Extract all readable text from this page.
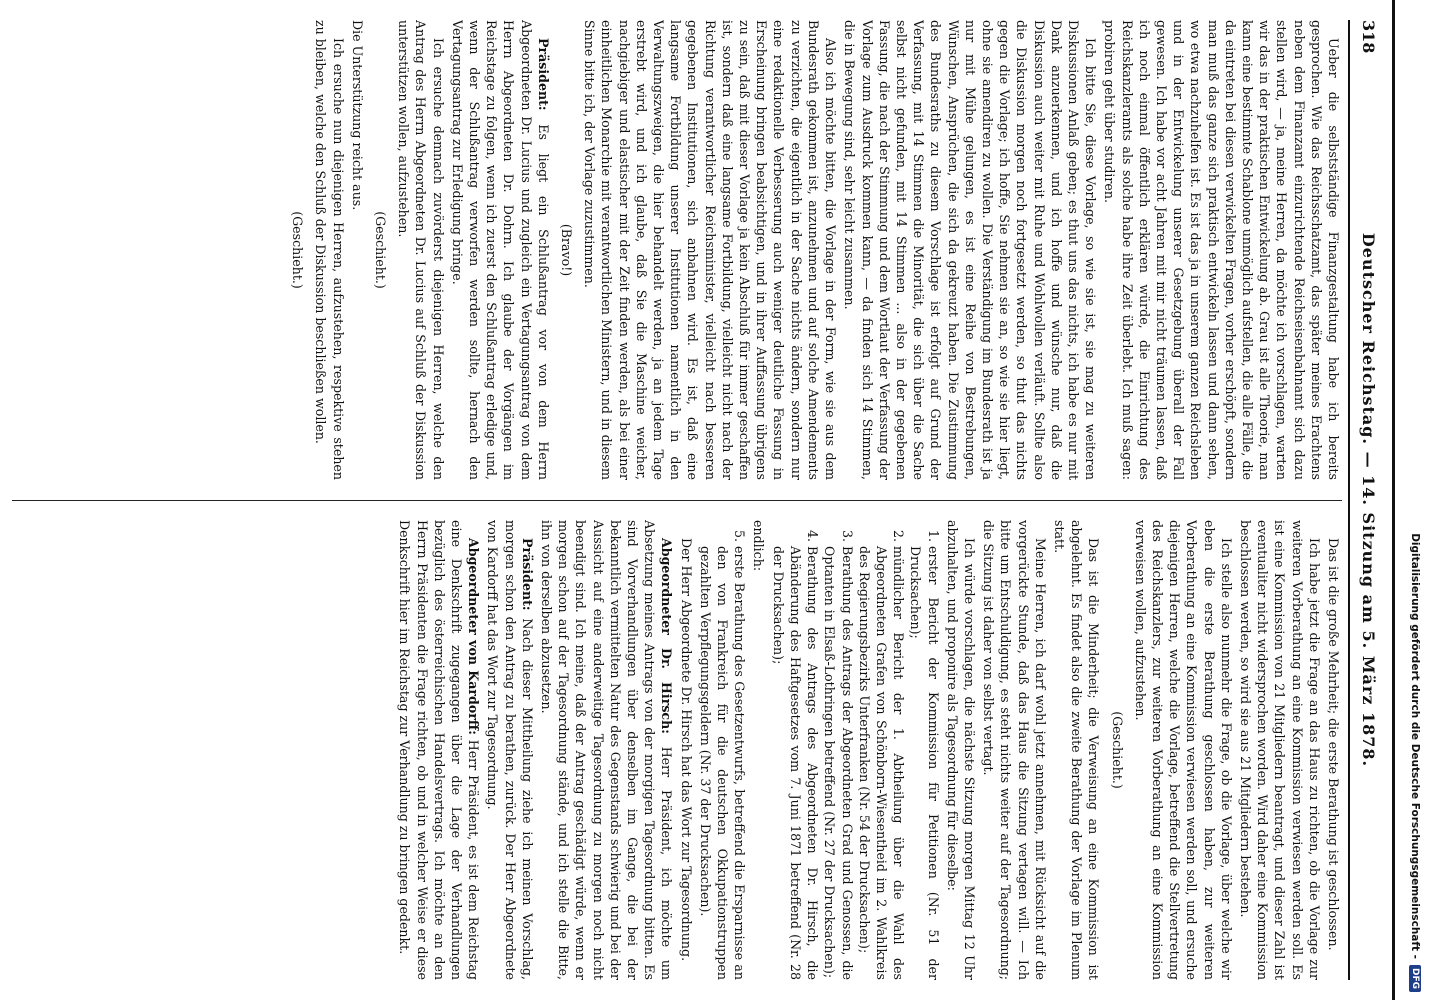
318
Deutscher Reichstag. — 14. Sitzung am 5. März 1878.

Ueber die selbstständige Finanzgestaltung habe ich bereits gesprochen. Wie das Reichsschatzamt, das später meines Erachtens neben dem Finanzamt einzurichtende Reichseisenbahnamt sich dazu stellen wird, — ja, meine Herren, da möchte ich vorschlagen, warten wir das in der praktischen Entwickelung ab. Grau ist alle Theorie, man kann eine bestimmte Schablone unmöglich aufstellen, die alle Fälle, die da eintreten bei diesen verwickelten Fragen, vorher erschöpft, sondern man muß das ganze sich praktisch entwickeln lassen und dann sehen, wo etwa nachzuhelfen ist. Es ist das ja in unserem ganzen Reichsleben und in der Entwickelung unserer Gesetzgebung überall der Fall gewesen. Ich habe vor acht Jahren mit mir nicht träumen lassen, daß ich noch einmal öffentlich erklären würde, die Einrichtung des Reichskanzleramts als solche habe ihre Zeit überlebt. Ich muß sagen: probiren geht über studiren.

Ich bitte Sie, diese Vorlage, so wie sie ist, sie mag zu weiteren Diskussionen Anlaß geben; es thut uns das nichts, ich habe es nur mit Dank anzuerkennen, und ich hoffe und wünsche nur, daß die Diskussion auch weiter mit Ruhe und Wohlwollen verläuft. Sollte also die Diskussion morgen noch fortgesetzt werden, so thut das nichts gegen die Vorlage; ich hoffe, Sie nehmen sie an, so wie sie hier liegt, ohne sie amendiren zu wollen. Die Verständigung im Bundesrath ist ja nur mit Mühe gelungen, es ist eine Reihe von Bestrebungen, Wünschen, Ansprüchen, die sich da gekreuzt haben. Die Zustimmung des Bundesraths zu diesem Vorschlage ist erfolgt auf Grund der Verfassung, mit 14 Stimmen die Minorität, die sich über die Sache selbst nicht gefunden, mit 14 Stimmen ... also in der gegebenen Fassung, die nach der Stimmung und dem Wortlaut der Verfassung der Vorlage zum Ausdruck kommen kann, — da finden sich 14 Stimmen, die in Bewegung sind, sehr leicht zusammen.

Also ich möchte bitten, die Vorlage in der Form, wie sie aus dem Bundesrath gekommen ist, anzunehmen und auf solche Amendements zu verzichten, die eigentlich in der Sache nichts ändern, sondern nur eine redaktionelle Verbesserung auch weniger deutliche Fassung in Erscheinung bringen beabsichtigen, und in ihrer Auffassung übrigens zu sein, daß mit dieser Vorlage ja kein Abschluß für immer geschaffen ist, sondern daß eine langsame Fortbildung, vielleicht nicht nach der Richtung verantwortlicher Reichsminister, vielleicht nach besseren gegebenen Institutionen, sich anbahnen wird. Es ist, daß eine langsame Fortbildung unserer Institutionen namentlich in den Verwaltungszweigen, die hier behandelt werden, ja an jedem Tage erstrebt wird, und ich glaube, daß Sie die Maschine weicher, nachgiebiger und elastischer mit der Zeit finden werden, als bei einer einheitlichen Monarchie mit verantwortlichen Ministern, und in diesem Sinne bitte ich, der Vorlage zuzustimmen.

(Bravo!)

Präsident: Es liegt ein Schlußantrag vor von dem Herrn Abgeordneten Dr. Lucius und zugleich ein Vertagungsantrag von dem Herrn Abgeordneten Dr. Dohrn. Ich glaube der Vorgängen im Reichstage zu folgen, wenn ich zuerst den Schlußantrag erledige und, wenn der Schlußantrag verworfen werden sollte, hernach den Vertagungsantrag zur Erledigung bringe.

Ich ersuche demnach zuvörderst diejenigen Herren, welche den Antrag des Herrn Abgeordneten Dr. Lucius auf Schluß der Diskussion unterstützen wollen, aufzustehen.

(Geschieht.)

Die Unterstützung reicht aus.

Ich ersuche nun diejenigen Herren, aufzustehen, respektive stehen zu bleiben, welche den Schluß der Diskussion beschließen wollen.

(Geschieht.)

Das ist die große Mehrheit; die erste Berathung ist geschlossen.

Ich habe jetzt die Frage an das Haus zu richten, ob die Vorlage zur weiteren Vorberathung an eine Kommission verwiesen werden soll. Es ist eine Kommission von 21 Mitgliedern beantragt, und dieser Zahl ist eventualiter nicht widersprochen worden. Wird daher eine Kommission beschlossen werden, so wird sie aus 21 Mitgliedern bestehen.

Ich stelle also nunmehr die Frage, ob die Vorlage, über welche wir eben die erste Berathung geschlossen haben, zur weiteren Vorberathung an eine Kommission verwiesen werden soll, und ersuche diejenigen Herren, welche die Vorlage, betreffend die Stellvertretung des Reichskanzlers, zur weiteren Vorberathung an eine Kommission verweisen wollen, aufzustehen.

(Geschieht.)

Das ist die Minderheit; die Verweisung an eine Kommission ist abgelehnt. Es findet also die zweite Berathung der Vorlage im Plenum statt.

Meine Herren, ich darf wohl jetzt annehmen, mit Rücksicht auf die vorgerückte Stunde, daß das Haus die Sitzung vertagen will. — Ich bitte um Entschuldigung, es steht nichts weiter auf der Tagesordnung; die Sitzung ist daher von selbst vertagt.

Ich würde vorschlagen, die nächste Sitzung morgen Mittag 12 Uhr abzuhalten, und proponire als Tagesordnung für dieselbe:

1. erster Bericht der Kommission für Petitionen (Nr. 51 der Drucksachen);
2. mündlicher Bericht der 1. Abtheilung über die Wahl des Abgeordneten Grafen von Schönborn-Wiesentheid im 2. Wahlkreis des Regierungsbezirks Unterfranken (Nr. 54 der Drucksachen);
3. Berathung des Antrags der Abgeordneten Grad und Genossen, die Optanten in Elsaß-Lothringen betreffend (Nr. 27 der Drucksachen);
4. Berathung des Antrags des Abgeordneten Dr. Hirsch, die Abänderung des Haftgesetzes vom 7. Juni 1871 betreffend (Nr. 28 der Drucksachen);

endlich:

5. erste Berathung des Gesetzentwurfs, betreffend die Ersparnisse an den von Frankreich für die deutschen Okkupationstruppen gezahlten Verpflegungsgeldern (Nr. 37 der Drucksachen).

Der Herr Abgeordnete Dr. Hirsch hat das Wort zur Tagesordnung.

Abgeordneter Dr. Hirsch: Herr Präsident, ich möchte um Absetzung meines Antrags von der morgigen Tagesordnung bitten. Es sind Vorverhandlungen über denselben im Gange, die bei der bekanntlich vermittelten Natur des Gegenstands schwierig und bei der Aussicht auf eine anderweitige Tagesordnung zu morgen noch nicht beendigt sind. Ich meine, daß der Antrag geschädigt würde, wenn er morgen schon auf der Tagesordnung stände, und ich stelle die Bitte, ihn von derselben abzusetzen.

Präsident: Nach dieser Mittheilung ziehe ich meinen Vorschlag, morgen schon den Antrag zu berathen, zurück. Der Herr Abgeordnete von Kardorff hat das Wort zur Tagesordnung.

Abgeordneter von Kardorff: Herr Präsident, es ist dem Reichstag eine Denkschrift zugegangen über die Lage der Verhandlungen bezüglich des österreichischen Handelsvertrags. Ich möchte an den Herrn Präsidenten die Frage richten, ob und in welcher Weise er diese Denkschrift hier im Reichstag zur Verhandlung zu bringen gedenkt.	Digitalisierung gefördert durch die Deutsche Forschungsgemeinschaft -
DFG
